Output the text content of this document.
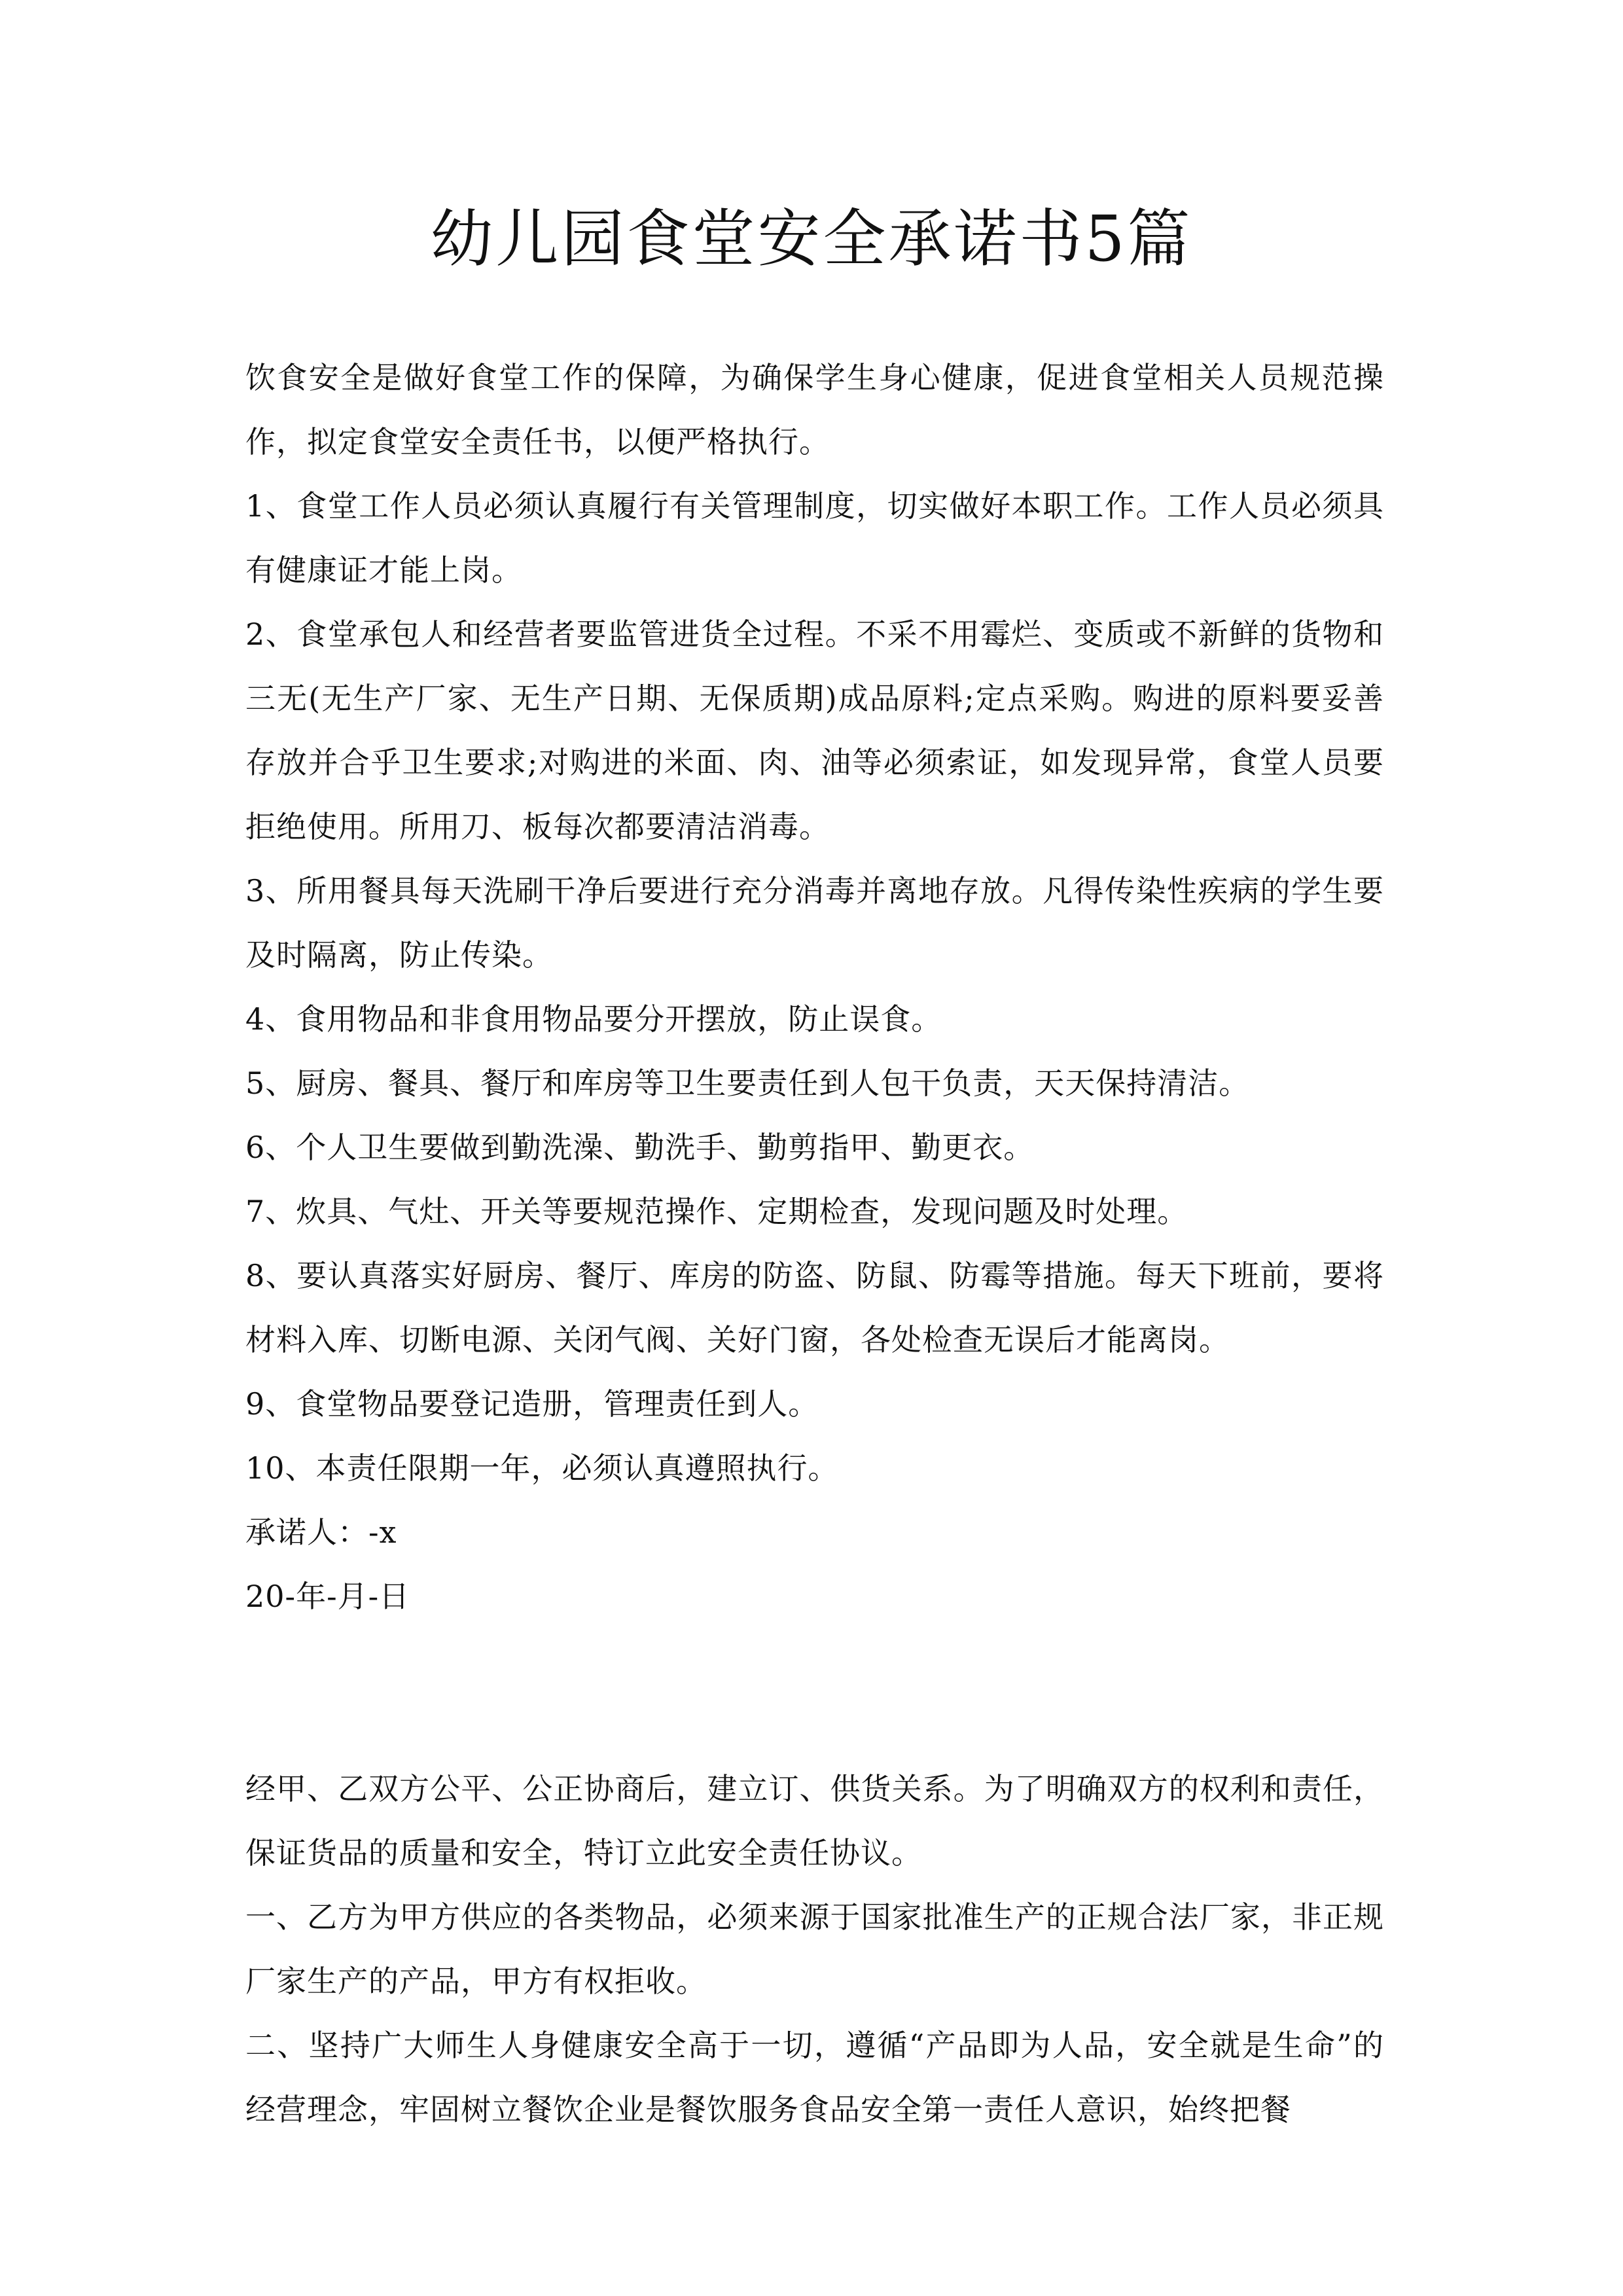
幼儿园食堂安全承诺书5篇

饮食安全是做好食堂工作的保障，为确保学生身心健康，促进食堂相关人员规范操作，拟定食堂安全责任书，以便严格执行。

1、食堂工作人员必须认真履行有关管理制度，切实做好本职工作。工作人员必须具有健康证才能上岗。

2、食堂承包人和经营者要监管进货全过程。不采不用霉烂、变质或不新鲜的货物和三无(无生产厂家、无生产日期、无保质期)成品原料;定点采购。购进的原料要妥善存放并合乎卫生要求;对购进的米面、肉、油等必须索证，如发现异常，食堂人员要拒绝使用。所用刀、板每次都要清洁消毒。

3、所用餐具每天洗刷干净后要进行充分消毒并离地存放。凡得传染性疾病的学生要及时隔离，防止传染。

4、食用物品和非食用物品要分开摆放，防止误食。

5、厨房、餐具、餐厅和库房等卫生要责任到人包干负责，天天保持清洁。

6、个人卫生要做到勤洗澡、勤洗手、勤剪指甲、勤更衣。

7、炊具、气灶、开关等要规范操作、定期检查，发现问题及时处理。

8、要认真落实好厨房、餐厅、库房的防盗、防鼠、防霉等措施。每天下班前，要将材料入库、切断电源、关闭气阀、关好门窗，各处检查无误后才能离岗。

9、食堂物品要登记造册，管理责任到人。

10、本责任限期一年，必须认真遵照执行。

承诺人：-x

20-年-月-日

经甲、乙双方公平、公正协商后，建立订、供货关系。为了明确双方的权利和责任，保证货品的质量和安全，特订立此安全责任协议。

一、乙方为甲方供应的各类物品，必须来源于国家批准生产的正规合法厂家，非正规厂家生产的产品，甲方有权拒收。

二、坚持广大师生人身健康安全高于一切，遵循“产品即为人品，安全就是生命”的经营理念，牢固树立餐饮企业是餐饮服务食品安全第一责任人意识，始终把餐
